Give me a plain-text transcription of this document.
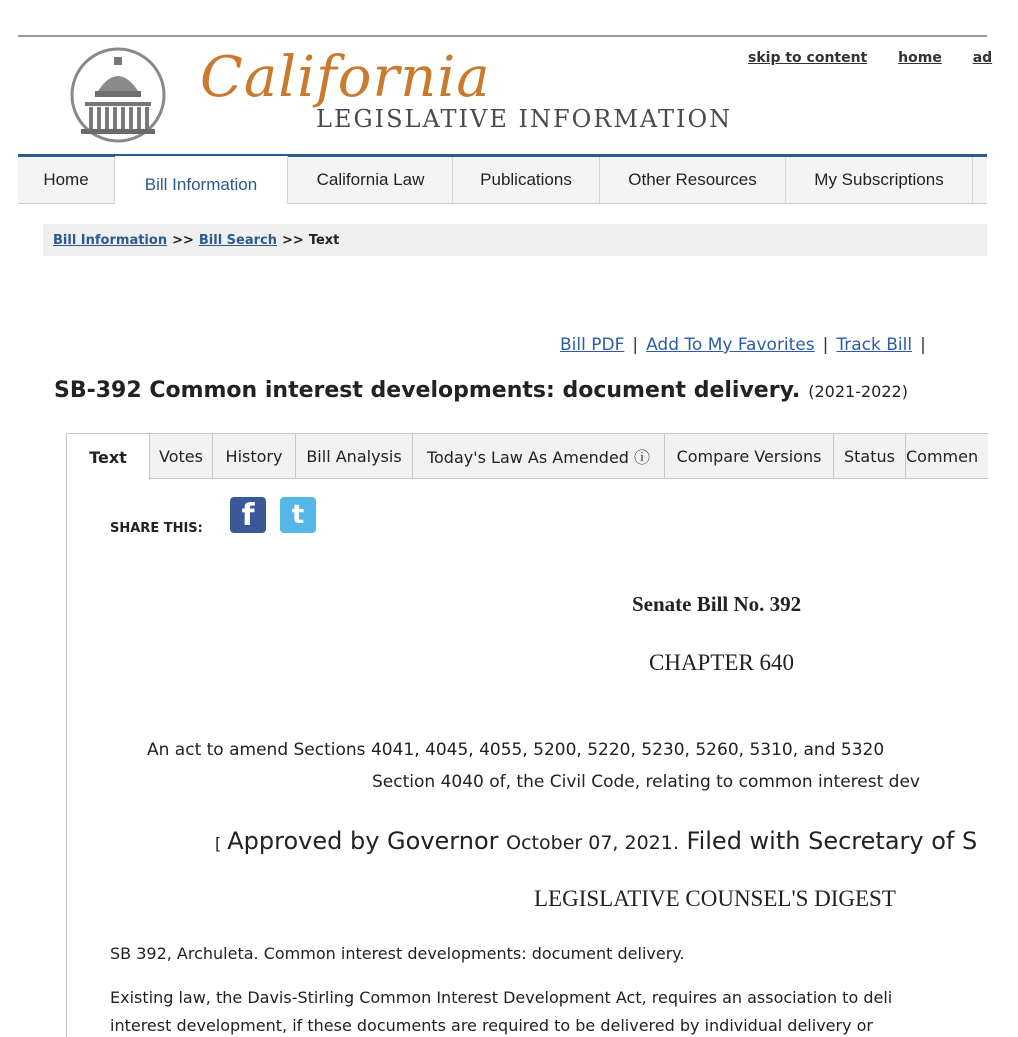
California
LEGISLATIVE INFORMATION
skip to content home ad
Home	Bill Information	California Law	Publications	Other Resources	My Subscriptions
Bill Information >> Bill Search >> Text
Bill PDF | Add To My Favorites | Track Bill |
SB-392 Common interest developments: document delivery. (2021-2022)
Text	Votes	History	Bill Analysis	Today's Law As Amended ⓘ	Compare Versions	Status Commen
SHARE THIS:	f	t
Senate Bill No. 392
CHAPTER 640
An act to amend Sections 4041, 4045, 4055, 5200, 5220, 5230, 5260, 5310, and 5320
Section 4040 of, the Civil Code, relating to common interest dev
[ Approved by Governor October 07, 2021. Filed with Secretary of S
LEGISLATIVE COUNSEL'S DIGEST
SB 392, Archuleta. Common interest developments: document delivery.
Existing law, the Davis-Stirling Common Interest Development Act, requires an association to deli
interest development, if these documents are required to be delivered by individual delivery or
